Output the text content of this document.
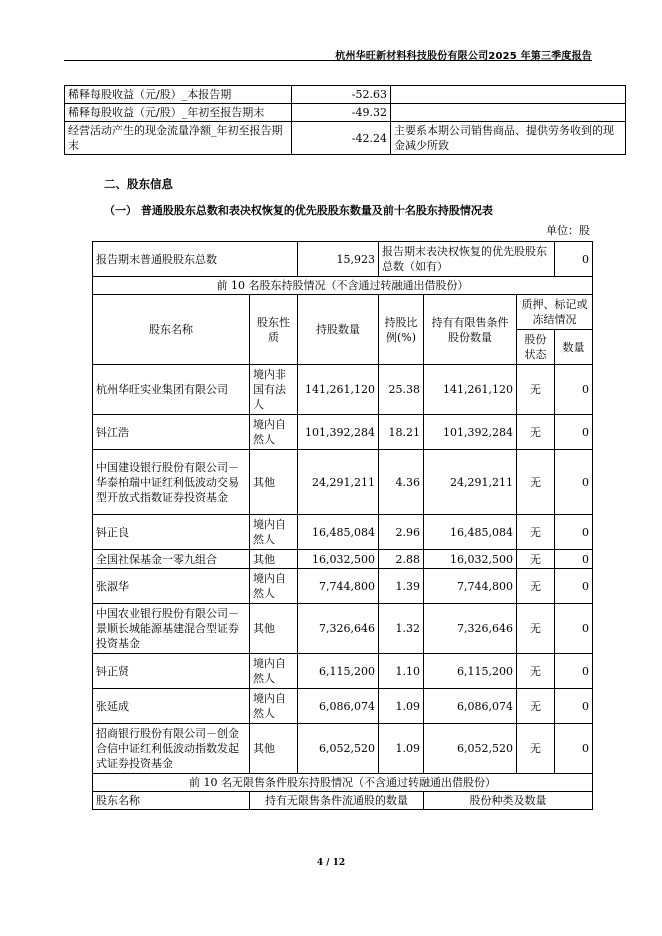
杭州华旺新材料科技股份有限公司2025 年第三季度报告
稀释每股收益（元/股）_本报告期	-52.63	
稀释每股收益（元/股）_年初至报告期末	-49.32	
经营活动产生的现金流量净额_年初至报告期末	-42.24	主要系本期公司销售商品、提供劳务收到的现金减少所致
二、股东信息
（一） 普通股股东总数和表决权恢复的优先股股东数量及前十名股东持股情况表
单位：股
报告期末普通股股东总数		15,923	报告期末表决权恢复的优先股股东总数（如有）			0
前 10 名股东持股情况（不含通过转融通出借股份）						
股东名称	股东性质	持股数量	持股比例(%)	持有有限售条件股份数量	质押、标记或冻结情况	
					股份状态	数量
杭州华旺实业集团有限公司	境内非国有法人	141,261,120	25.38	141,261,120	无	0
钭江浩	境内自然人	101,392,284	18.21	101,392,284	无	0
中国建设银行股份有限公司－华泰柏瑞中证红利低波动交易型开放式指数证券投资基金	其他	24,291,211	4.36	24,291,211	无	0
钭正良	境内自然人	16,485,084	2.96	16,485,084	无	0
全国社保基金一零九组合	其他	16,032,500	2.88	16,032,500	无	0
张淑华	境内自然人	7,744,800	1.39	7,744,800	无	0
中国农业银行股份有限公司－景顺长城能源基建混合型证券投资基金	其他	7,326,646	1.32	7,326,646	无	0
钭正贤	境内自然人	6,115,200	1.10	6,115,200	无	0
张延成	境内自然人	6,086,074	1.09	6,086,074	无	0
招商银行股份有限公司－创金合信中证红利低波动指数发起式证券投资基金	其他	6,052,520	1.09	6,052,520	无	0
前 10 名无限售条件股东持股情况（不含通过转融通出借股份）						
股东名称	持有无限售条件流通股的数量			股份种类及数量		
4 / 12
